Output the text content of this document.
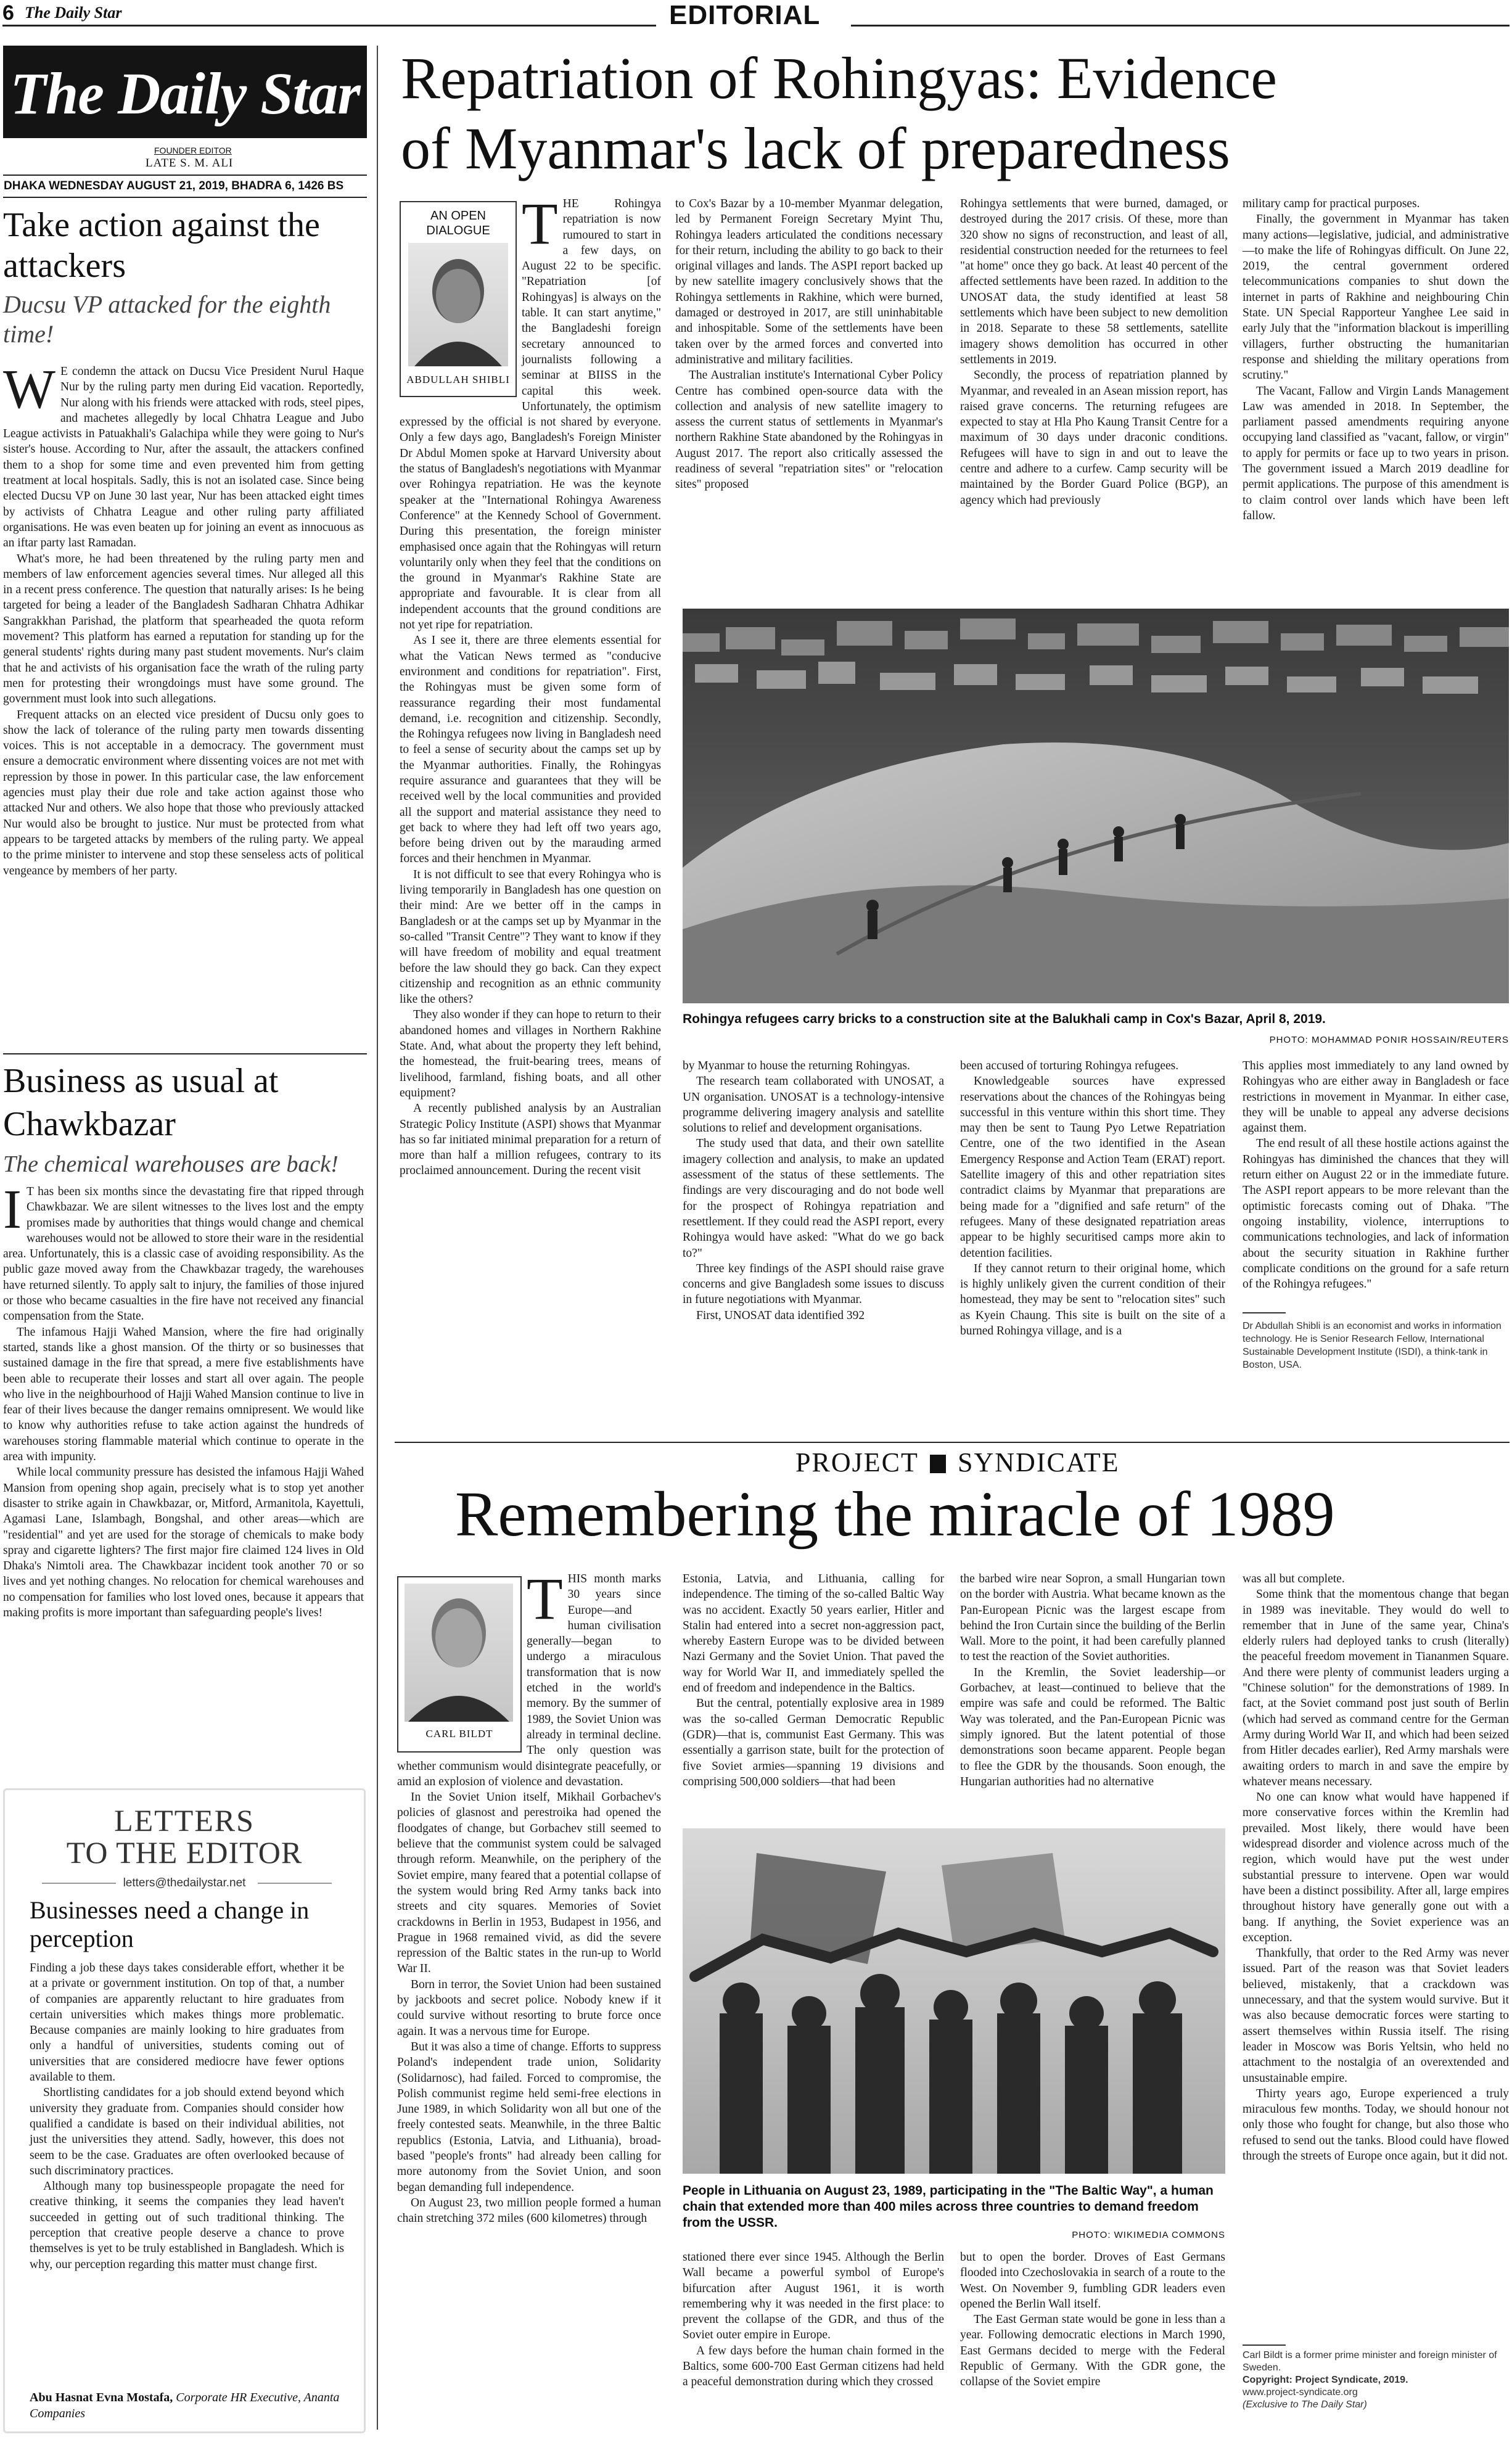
6 The Daily Star	EDITORIAL
The Daily Star
FOUNDER EDITOR
LATE S. M. ALI
DHAKA WEDNESDAY AUGUST 21, 2019, BHADRA 6, 1426 BS
Take action against the attackers
Ducsu VP attacked for the eighth time!
W E condemn the attack on Ducsu Vice President Nurul Haque Nur by the ruling party men during Eid vacation. Reportedly, Nur along with his friends were attacked with rods, steel pipes, and machetes allegedly by local Chhatra League and Jubo League activists in Patuakhali's Galachipa while they were going to Nur's sister's house. According to Nur, after the assault, the attackers confined them to a shop for some time and even prevented him from getting treatment at local hospitals. Sadly, this is not an isolated case. Since being elected Ducsu VP on June 30 last year, Nur has been attacked eight times by activists of Chhatra League and other ruling party affiliated organisations. He was even beaten up for joining an event as innocuous as an iftar party last Ramadan.

What's more, he had been threatened by the ruling party men and members of law enforcement agencies several times. Nur alleged all this in a recent press conference. The question that naturally arises: Is he being targeted for being a leader of the Bangladesh Sadharan Chhatra Adhikar Sangrakkhan Parishad, the platform that spearheaded the quota reform movement? This platform has earned a reputation for standing up for the general students' rights during many past student movements. Nur's claim that he and activists of his organisation face the wrath of the ruling party men for protesting their wrongdoings must have some ground. The government must look into such allegations.

Frequent attacks on an elected vice president of Ducsu only goes to show the lack of tolerance of the ruling party men towards dissenting voices. This is not acceptable in a democracy. The government must ensure a democratic environment where dissenting voices are not met with repression by those in power. In this particular case, the law enforcement agencies must play their due role and take action against those who attacked Nur and others. We also hope that those who previously attacked Nur would also be brought to justice. Nur must be protected from what appears to be targeted attacks by members of the ruling party. We appeal to the prime minister to intervene and stop these senseless acts of political vengeance by members of her party.

Business as usual at Chawkbazar
The chemical warehouses are back!
I T has been six months since the devastating fire that ripped through Chawkbazar. We are silent witnesses to the lives lost and the empty promises made by authorities that things would change and chemical warehouses would not be allowed to store their ware in the residential area. Unfortunately, this is a classic case of avoiding responsibility. As the public gaze moved away from the Chawkbazar tragedy, the warehouses have returned silently. To apply salt to injury, the families of those injured or those who became casualties in the fire have not received any financial compensation from the State.

The infamous Hajji Wahed Mansion, where the fire had originally started, stands like a ghost mansion. Of the thirty or so businesses that sustained damage in the fire that spread, a mere five establishments have been able to recuperate their losses and start all over again. The people who live in the neighbourhood of Hajji Wahed Mansion continue to live in fear of their lives because the danger remains omnipresent. We would like to know why authorities refuse to take action against the hundreds of warehouses storing flammable material which continue to operate in the area with impunity.

While local community pressure has desisted the infamous Hajji Wahed Mansion from opening shop again, precisely what is to stop yet another disaster to strike again in Chawkbazar, or, Mitford, Armanitola, Kayettuli, Agamasi Lane, Islambagh, Bongshal, and other areas—which are "residential" and yet are used for the storage of chemicals to make body spray and cigarette lighters? The first major fire claimed 124 lives in Old Dhaka's Nimtoli area. The Chawkbazar incident took another 70 or so lives and yet nothing changes. No relocation for chemical warehouses and no compensation for families who lost loved ones, because it appears that making profits is more important than safeguarding people's lives!

LETTERS
TO THE EDITOR
letters@thedailystar.net
Businesses need a change in perception

Finding a job these days takes considerable effort, whether it be at a private or government institution. On top of that, a number of companies are apparently reluctant to hire graduates from certain universities which makes things more problematic. Because companies are mainly looking to hire graduates from only a handful of universities, students coming out of universities that are considered mediocre have fewer options available to them.

Shortlisting candidates for a job should extend beyond which university they graduate from. Companies should consider how qualified a candidate is based on their individual abilities, not just the universities they attend. Sadly, however, this does not seem to be the case. Graduates are often overlooked because of such discriminatory practices.

Although many top businesspeople propagate the need for creative thinking, it seems the companies they lead haven't succeeded in getting out of such traditional thinking. The perception that creative people deserve a chance to prove themselves is yet to be truly established in Bangladesh. Which is why, our perception regarding this matter must change first.

Abu Hasnat Evna Mostafa, Corporate HR Executive, Ananta Companies
Repatriation of Rohingyas: Evidence
of Myanmar's lack of preparedness
AN OPEN DIALOGUE
ABDULLAH SHIBLI
T HE Rohingya repatriation is now rumoured to start in a few days, on August 22 to be specific. "Repatriation [of Rohingyas] is always on the table. It can start anytime," the Bangladeshi foreign secretary announced to journalists following a seminar at BIISS in the capital this week. Unfortunately, the optimism expressed by the official is not shared by everyone. Only a few days ago, Bangladesh's Foreign Minister Dr Abdul Momen spoke at Harvard University about the status of Bangladesh's negotiations with Myanmar over Rohingya repatriation. He was the keynote speaker at the "International Rohingya Awareness Conference" at the Kennedy School of Government. During this presentation, the foreign minister emphasised once again that the Rohingyas will return voluntarily only when they feel that the conditions on the ground in Myanmar's Rakhine State are appropriate and favourable. It is clear from all independent accounts that the ground conditions are not yet ripe for repatriation.

As I see it, there are three elements essential for what the Vatican News termed as "conducive environment and conditions for repatriation". First, the Rohingyas must be given some form of reassurance regarding their most fundamental demand, i.e. recognition and citizenship. Secondly, the Rohingya refugees now living in Bangladesh need to feel a sense of security about the camps set up by the Myanmar authorities. Finally, the Rohingyas require assurance and guarantees that they will be received well by the local communities and provided all the support and material assistance they need to get back to where they had left off two years ago, before being driven out by the marauding armed forces and their henchmen in Myanmar.

It is not difficult to see that every Rohingya who is living temporarily in Bangladesh has one question on their mind: Are we better off in the camps in Bangladesh or at the camps set up by Myanmar in the so-called "Transit Centre"? They want to know if they will have freedom of mobility and equal treatment before the law should they go back. Can they expect citizenship and recognition as an ethnic community like the others?

They also wonder if they can hope to return to their abandoned homes and villages in Northern Rakhine State. And, what about the property they left behind, the homestead, the fruit-bearing trees, means of livelihood, farmland, fishing boats, and all other equipment?

A recently published analysis by an Australian Strategic Policy Institute (ASPI) shows that Myanmar has so far initiated minimal preparation for a return of more than half a million refugees, contrary to its proclaimed announcement. During the recent visit

to Cox's Bazar by a 10-member Myanmar delegation, led by Permanent Foreign Secretary Myint Thu, Rohingya leaders articulated the conditions necessary for their return, including the ability to go back to their original villages and lands. The ASPI report backed up by new satellite imagery conclusively shows that the Rohingya settlements in Rakhine, which were burned, damaged or destroyed in 2017, are still uninhabitable and inhospitable. Some of the settlements have been taken over by the armed forces and converted into administrative and military facilities.

The Australian institute's International Cyber Policy Centre has combined open-source data with the collection and analysis of new satellite imagery to assess the current status of settlements in Myanmar's northern Rakhine State abandoned by the Rohingyas in August 2017. The report also critically assessed the readiness of several "repatriation sites" or "relocation sites" proposed

Rohingya settlements that were burned, damaged, or destroyed during the 2017 crisis. Of these, more than 320 show no signs of reconstruction, and least of all, residential construction needed for the returnees to feel "at home" once they go back. At least 40 percent of the affected settlements have been razed. In addition to the UNOSAT data, the study identified at least 58 settlements which have been subject to new demolition in 2018. Separate to these 58 settlements, satellite imagery shows demolition has occurred in other settlements in 2019.

Secondly, the process of repatriation planned by Myanmar, and revealed in an Asean mission report, has raised grave concerns. The returning refugees are expected to stay at Hla Pho Kaung Transit Centre for a maximum of 30 days under draconic conditions. Refugees will have to sign in and out to leave the centre and adhere to a curfew. Camp security will be maintained by the Border Guard Police (BGP), an agency which had previously

military camp for practical purposes.

Finally, the government in Myanmar has taken many actions—legislative, judicial, and administrative—to make the life of Rohingyas difficult. On June 22, 2019, the central government ordered telecommunications companies to shut down the internet in parts of Rakhine and neighbouring Chin State. UN Special Rapporteur Yanghee Lee said in early July that the "information blackout is imperilling villagers, further obstructing the humanitarian response and shielding the military operations from scrutiny."

The Vacant, Fallow and Virgin Lands Management Law was amended in 2018. In September, the parliament passed amendments requiring anyone occupying land classified as "vacant, fallow, or virgin" to apply for permits or face up to two years in prison. The government issued a March 2019 deadline for permit applications. The purpose of this amendment is to claim control over lands which have been left fallow.

Rohingya refugees carry bricks to a construction site at the Balukhali camp in Cox's Bazar, April 8, 2019.
PHOTO: MOHAMMAD PONIR HOSSAIN/REUTERS

by Myanmar to house the returning Rohingyas.

The research team collaborated with UNOSAT, a UN organisation. UNOSAT is a technology-intensive programme delivering imagery analysis and satellite solutions to relief and development organisations.

The study used that data, and their own satellite imagery collection and analysis, to make an updated assessment of the status of these settlements. The findings are very discouraging and do not bode well for the prospect of Rohingya repatriation and resettlement. If they could read the ASPI report, every Rohingya would have asked: "What do we go back to?"

Three key findings of the ASPI should raise grave concerns and give Bangladesh some issues to discuss in future negotiations with Myanmar.

First, UNOSAT data identified 392

been accused of torturing Rohingya refugees.

Knowledgeable sources have expressed reservations about the chances of the Rohingyas being successful in this venture within this short time. They may then be sent to Taung Pyo Letwe Repatriation Centre, one of the two identified in the Asean Emergency Response and Action Team (ERAT) report. Satellite imagery of this and other repatriation sites contradict claims by Myanmar that preparations are being made for a "dignified and safe return" of the refugees. Many of these designated repatriation areas appear to be highly securitised camps more akin to detention facilities.

If they cannot return to their original home, which is highly unlikely given the current condition of their homestead, they may be sent to "relocation sites" such as Kyein Chaung. This site is built on the site of a burned Rohingya village, and is a

This applies most immediately to any land owned by Rohingyas who are either away in Bangladesh or face restrictions in movement in Myanmar. In either case, they will be unable to appeal any adverse decisions against them.

The end result of all these hostile actions against the Rohingyas has diminished the chances that they will return either on August 22 or in the immediate future. The ASPI report appears to be more relevant than the optimistic forecasts coming out of Dhaka. "The ongoing instability, violence, interruptions to communications technologies, and lack of information about the security situation in Rakhine further complicate conditions on the ground for a safe return of the Rohingya refugees."

Dr Abdullah Shibli is an economist and works in information technology. He is Senior Research Fellow, International Sustainable Development Institute (ISDI), a think-tank in Boston, USA.
PROJECT SYNDICATE
Remembering the miracle of 1989
CARL BILDT
T HIS month marks 30 years since Europe—and human civilisation generally—began to undergo a miraculous transformation that is now etched in the world's memory. By the summer of 1989, the Soviet Union was already in terminal decline. The only question was whether communism would disintegrate peacefully, or amid an explosion of violence and devastation.

In the Soviet Union itself, Mikhail Gorbachev's policies of glasnost and perestroika had opened the floodgates of change, but Gorbachev still seemed to believe that the communist system could be salvaged through reform. Meanwhile, on the periphery of the Soviet empire, many feared that a potential collapse of the system would bring Red Army tanks back into streets and city squares. Memories of Soviet crackdowns in Berlin in 1953, Budapest in 1956, and Prague in 1968 remained vivid, as did the severe repression of the Baltic states in the run-up to World War II.

Born in terror, the Soviet Union had been sustained by jackboots and secret police. Nobody knew if it could survive without resorting to brute force once again. It was a nervous time for Europe.

But it was also a time of change. Efforts to suppress Poland's independent trade union, Solidarity (Solidarnosc), had failed. Forced to compromise, the Polish communist regime held semi-free elections in June 1989, in which Solidarity won all but one of the freely contested seats. Meanwhile, in the three Baltic republics (Estonia, Latvia, and Lithuania), broad-based "people's fronts" had already been calling for more autonomy from the Soviet Union, and soon began demanding full independence.

On August 23, two million people formed a human chain stretching 372 miles (600 kilometres) through

Estonia, Latvia, and Lithuania, calling for independence. The timing of the so-called Baltic Way was no accident. Exactly 50 years earlier, Hitler and Stalin had entered into a secret non-aggression pact, whereby Eastern Europe was to be divided between Nazi Germany and the Soviet Union. That paved the way for World War II, and immediately spelled the end of freedom and independence in the Baltics.

But the central, potentially explosive area in 1989 was the so-called German Democratic Republic (GDR)—that is, communist East Germany. This was essentially a garrison state, built for the protection of five Soviet armies—spanning 19 divisions and comprising 500,000 soldiers—that had been

the barbed wire near Sopron, a small Hungarian town on the border with Austria. What became known as the Pan-European Picnic was the largest escape from behind the Iron Curtain since the building of the Berlin Wall. More to the point, it had been carefully planned to test the reaction of the Soviet authorities.

In the Kremlin, the Soviet leadership—or Gorbachev, at least—continued to believe that the empire was safe and could be reformed. The Baltic Way was tolerated, and the Pan-European Picnic was simply ignored. But the latent potential of those demonstrations soon became apparent. People began to flee the GDR by the thousands. Soon enough, the Hungarian authorities had no alternative

was all but complete.

Some think that the momentous change that began in 1989 was inevitable. They would do well to remember that in June of the same year, China's elderly rulers had deployed tanks to crush (literally) the peaceful freedom movement in Tiananmen Square. And there were plenty of communist leaders urging a "Chinese solution" for the demonstrations of 1989. In fact, at the Soviet command post just south of Berlin (which had served as command centre for the German Army during World War II, and which had been seized from Hitler decades earlier), Red Army marshals were awaiting orders to march in and save the empire by whatever means necessary.

No one can know what would have happened if more conservative forces within the Kremlin had prevailed. Most likely, there would have been widespread disorder and violence across much of the region, which would have put the west under substantial pressure to intervene. Open war would have been a distinct possibility. After all, large empires throughout history have generally gone out with a bang. If anything, the Soviet experience was an exception.

Thankfully, that order to the Red Army was never issued. Part of the reason was that Soviet leaders believed, mistakenly, that a crackdown was unnecessary, and that the system would survive. But it was also because democratic forces were starting to assert themselves within Russia itself. The rising leader in Moscow was Boris Yeltsin, who held no attachment to the nostalgia of an overextended and unsustainable empire.

Thirty years ago, Europe experienced a truly miraculous few months. Today, we should honour not only those who fought for change, but also those who refused to send out the tanks. Blood could have flowed through the streets of Europe once again, but it did not.

People in Lithuania on August 23, 1989, participating in the "The Baltic Way", a human chain that extended more than 400 miles across three countries to demand freedom from the USSR.
PHOTO: WIKIMEDIA COMMONS

stationed there ever since 1945. Although the Berlin Wall became a powerful symbol of Europe's bifurcation after August 1961, it is worth remembering why it was needed in the first place: to prevent the collapse of the GDR, and thus of the Soviet outer empire in Europe.

A few days before the human chain formed in the Baltics, some 600-700 East German citizens had held a peaceful demonstration during which they crossed

but to open the border. Droves of East Germans flooded into Czechoslovakia in search of a route to the West. On November 9, fumbling GDR leaders even opened the Berlin Wall itself.

The East German state would be gone in less than a year. Following democratic elections in March 1990, East Germans decided to merge with the Federal Republic of Germany. With the GDR gone, the collapse of the Soviet empire

Carl Bildt is a former prime minister and foreign minister of Sweden.
Copyright: Project Syndicate, 2019.
www.project-syndicate.org
(Exclusive to The Daily Star)
